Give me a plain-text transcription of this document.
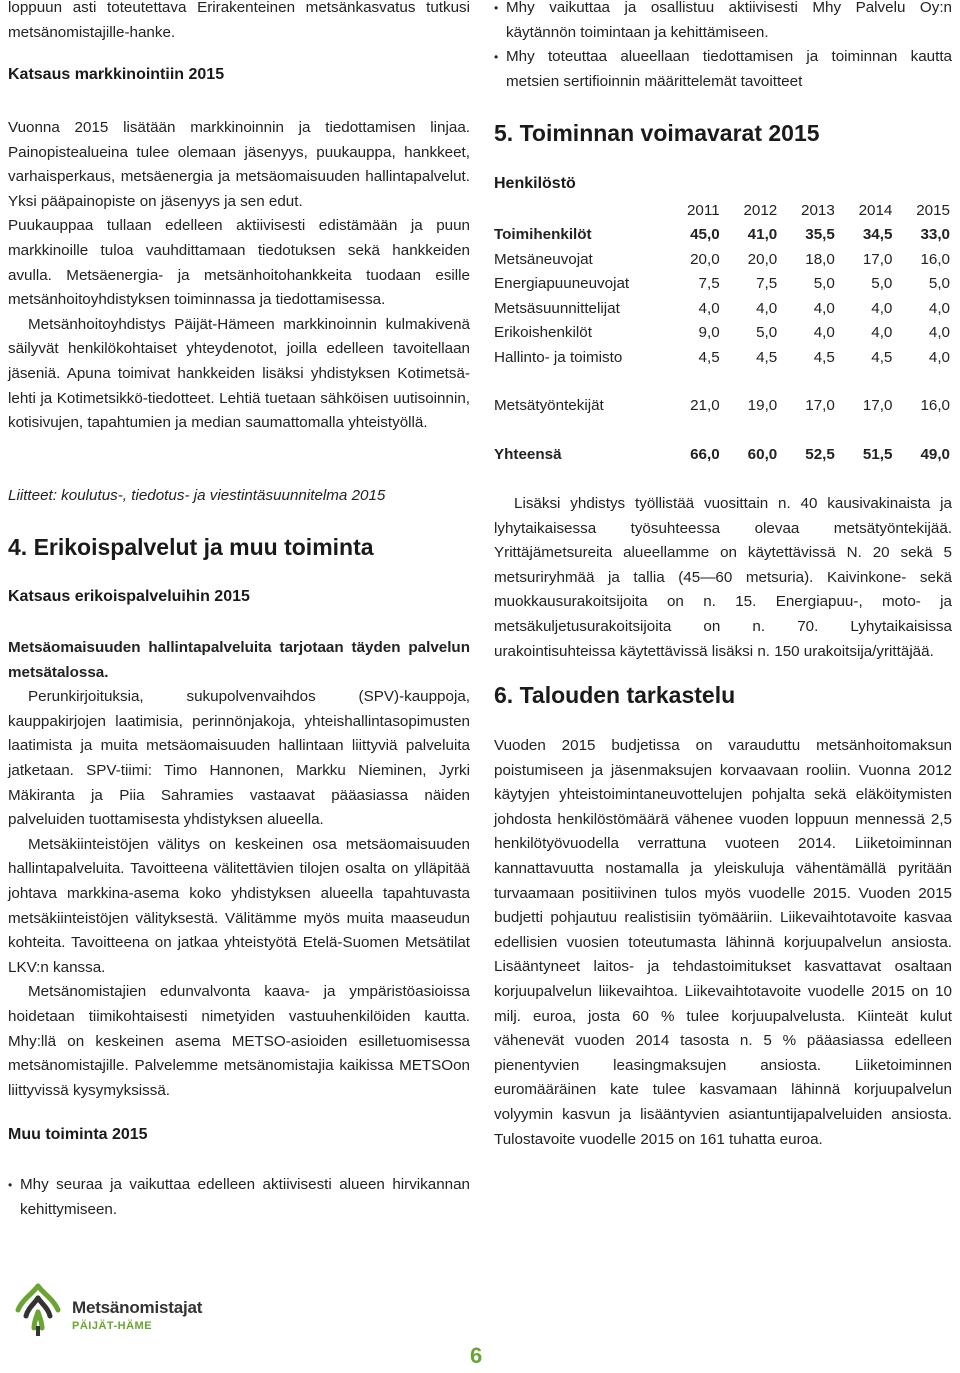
loppuun asti toteutettava Erirakenteinen metsänkasvatus tutkusi metsänomistajille-hanke.

Katsaus markkinointiin 2015

Vuonna 2015 lisätään markkinoinnin ja tiedottamisen linjaa. Painopistealueina tulee olemaan jäsenyys, puukauppa, hankkeet, varhaisperkaus, metsäenergia ja metsäomaisuuden hallintapalvelut. Yksi pääpainopiste on jäsenyys ja sen edut.

Puukauppaa tullaan edelleen aktiivisesti edistämään ja puun markkinoille tuloa vauhdittamaan tiedotuksen sekä hankkeiden avulla. Metsäenergia- ja metsänhoitohankkeita tuodaan esille metsänhoitoyhdistyksen toiminnassa ja tiedottamisessa.

Metsänhoitoyhdistys Päijät-Hämeen markkinoinnin kulmakivenä säilyvät henkilökohtaiset yhteydenotot, joilla edelleen tavoitellaan jäseniä. Apuna toimivat hankkeiden lisäksi yhdistyksen Kotimetsä-lehti ja Kotimetsikkö-tiedotteet. Lehtiä tuetaan sähköisen uutisoinnin, kotisivujen, tapahtumien ja median saumattomalla yhteistyöllä.

Liitteet: koulutus-, tiedotus- ja viestintäsuunnitelma 2015

4. Erikoispalvelut ja muu toiminta
Katsaus erikoispalveluihin 2015

Metsäomaisuuden hallintapalveluita tarjotaan täyden palvelun metsätalossa.

Perunkirjoituksia, sukupolvenvaihdos (SPV)-kauppoja, kauppakirjojen laatimisia, perinnönjakoja, yhteishallintasopimusten laatimista ja muita metsäomaisuuden hallintaan liittyviä palveluita jatketaan. SPV-tiimi: Timo Hannonen, Markku Nieminen, Jyrki Mäkiranta ja Piia Sahramies vastaavat pääasiassa näiden palveluiden tuottamisesta yhdistyksen alueella.

Metsäkiinteistöjen välitys on keskeinen osa metsäomaisuuden hallintapalveluita. Tavoitteena välitettävien tilojen osalta on ylläpitää johtava markkina-asema koko yhdistyksen alueella tapahtuvasta metsäkiinteistöjen välityksestä. Välitämme myös muita maaseudun kohteita. Tavoitteena on jatkaa yhteistyötä Etelä-Suomen Metsätilat LKV:n kanssa.

Metsänomistajien edunvalvonta kaava- ja ympäristöasioissa hoidetaan tiimikohtaisesti nimetyiden vastuuhenkilöiden kautta. Mhy:llä on keskeinen asema METSO-asioiden esilletuomisessa metsänomistajille. Palvelemme metsänomistajia kaikissa METSOon liittyvissä kysymyksissä.

Muu toiminta 2015
• Mhy seuraa ja vaikuttaa edelleen aktiivisesti alueen hirvikannan kehittymiseen.
• Mhy vaikuttaa ja osallistuu aktiivisesti Mhy Palvelu Oy:n käytännön toimintaan ja kehittämiseen.
• Mhy toteuttaa alueellaan tiedottamisen ja toiminnan kautta metsien sertifioinnin määrittelemät tavoitteet
5. Toiminnan voimavarat 2015
Henkilöstö
	2011	2012	2013	2014	2015
Toimihenkilöt	45,0	41,0	35,5	34,5	33,0
Metsäneuvojat	20,0	20,0	18,0	17,0	16,0
Energiapuuneuvojat	7,5	7,5	5,0	5,0	5,0
Metsäsuunnittelijat	4,0	4,0	4,0	4,0	4,0
Erikoishenkilöt	9,0	5,0	4,0	4,0	4,0
Hallinto- ja toimisto	4,5	4,5	4,5	4,5	4,0

Metsätyöntekijät	21,0	19,0	17,0	17,0	16,0

Yhteensä	66,0	60,0	52,5	51,5	49,0

Lisäksi yhdistys työllistää vuosittain n. 40 kausivakinaista ja lyhytaikaisessa työsuhteessa olevaa metsätyöntekijää. Yrittäjämetsureita alueellamme on käytettävissä N. 20 sekä 5 metsuriryhmää ja tallia (45—60 metsuria). Kaivinkone- sekä muokkausurakoitsijoita on n. 15. Energiapuu-, moto- ja metsäkuljetusurakoitsijoita on n. 70. Lyhytaikaisissa urakointisuhteissa käytettävissä lisäksi n. 150 urakoitsija/yrittäjää.

6. Talouden tarkastelu

Vuoden 2015 budjetissa on varauduttu metsänhoitomaksun poistumiseen ja jäsenmaksujen korvaavaan rooliin. Vuonna 2012 käytyjen yhteistoimintaneuvottelujen pohjalta sekä eläköitymisten johdosta henkilöstömäärä vähenee vuoden loppuun mennessä 2,5 henkilötyövuodella verrattuna vuoteen 2014. Liiketoiminnan kannattavuutta nostamalla ja yleiskuluja vähentämällä pyritään turvaamaan positiivinen tulos myös vuodelle 2015. Vuoden 2015 budjetti pohjautuu realistisiin työmääriin. Liikevaihtotavoite kasvaa edellisien vuosien toteutumasta lähinnä korjuupalvelun ansiosta. Lisääntyneet laitos- ja tehdastoimitukset kasvattavat osaltaan korjuupalvelun liikevaihtoa. Liikevaihtotavoite vuodelle 2015 on 10 milj. euroa, josta 60 % tulee korjuupalvelusta. Kiinteät kulut vähenevät vuoden 2014 tasosta n. 5 % pääasiassa edelleen pienentyvien leasingmaksujen ansiosta. Liiketoiminnen euromääräinen kate tulee kasvamaan lähinnä korjuupalvelun volyymin kasvun ja lisääntyvien asiantuntijapalveluiden ansiosta. Tulostavoite vuodelle 2015 on 161 tuhatta euroa.

Metsänomistajat
PÄIJÄT-HÄME
6
